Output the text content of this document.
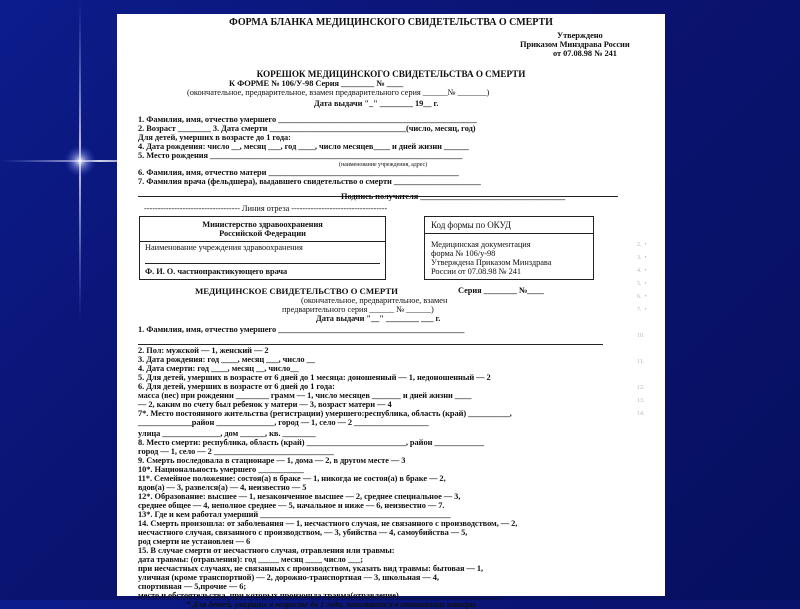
2.  •
3.  •
4.  •
5.  •
6.  •
7.  •

10.

11.

12.
13.
14.
ФОРМА БЛАНКА МЕДИЦИНСКОГО СВИДЕТЕЛЬСТВА О СМЕРТИ
Утверждено
Приказом Минздрава России
от 07.08.98 № 241
КОРЕШОК МЕДИЦИНСКОГО СВИДЕТЕЛЬСТВА О СМЕРТИ
К ФОРМЕ № 106/У-98 Серия ________ № ____
(окончательное, предварительное, взамен предварительного серия ______№ _______)
Дата выдачи "_" ________ 19__ г.
1. Фамилия, имя, отчество умершего ________________________________________________
2. Возраст ________ 3. Дата смерти _________________________________(число, месяц, год)
Для детей, умерших в возрасте до 1 года:
4. Дата рождения: число __, месяц ___, год ____, число месяцев____ и дней жизни ______
5. Место рождения _____________________________________________________________
(наименование учреждения, адрес)
6. Фамилия, имя, отчество матери ______________________________________________
7. Фамилия врача (фельдшера), выдавшего свидетельство о смерти _____________________
Подпись получателя ___________________________________
----------------------------------- Линия отреза -----------------------------------
Министерство здравоохранения
Российской Федерации
Наименование учреждения здравоохранения
Ф. И. О. частнопрактикующего врача
Код формы по ОКУД
Медицинская документация
форма № 106/у-98
Утверждена Приказом Минздрава
России от 07.08.98 № 241
МЕДИЦИНСКОЕ СВИДЕТЕЛЬСТВО О СМЕРТИ	Серия ________ №____
(окончательное, предварительное, взамен
предварительного серия ______ № ______)
Дата выдачи "__" ________ ___ г.
1. Фамилия, имя, отчество умершего _____________________________________________
2. Пол: мужской — 1, женский — 2
3. Дата рождения: год ____, месяц ___, число __
4. Дата смерти: год ____, месяц __, число__
5. Для детей, умерших в возрасте от 6 дней до 1 месяца: доношенный — 1, недоношенный — 2
6. Для детей, умерших в возрасте от 6 дней до 1 года:
масса (вес) при рождении ________ грамм — 1, число месяцев _______ и дней жизни ____
— 2, каким по счету был ребенок у матери — 3, возраст матери — 4
7*. Место постоянного жительства (регистрации) умершего:республика, область (край) __________,
_____________район ______________, город — 1, село — 2 __________________
улица ______________, дом ______, кв. ________
8. Место смерти: республика, область (край) ________________________, район ____________
город — 1, село — 2 _____________________________
9. Смерть последовала в стационаре — 1, дома — 2, в другом месте — 3
10*. Национальность умершего ___________
11*. Семейное положение: состоя(а) в браке — 1, никогда не состоя(а) в браке — 2,
вдов(а) — 3, развелся(а) — 4, неизвестно — 5
12*. Образование: высшее — 1, незаконченное высшее — 2, среднее специальное — 3,
среднее общее — 4, неполное среднее — 5, начальное и ниже — 6, неизвестно — 7.
13*. Где и кем работал умерший ______________________________________________
14. Смерть произошла: от заболевания — 1, несчастного случая, не связанного с производством, — 2,
несчастного случая, связанного с производством, — 3, убийства — 4, самоубийства — 5,
род смерти не установлен — 6
15. В случае смерти от несчастного случая, отравления или травмы:
дата травмы: (отравления): год _____ месяц ____ число ___;
при несчастных случаях, не связанных с производством, указать вид травмы: бытовая — 1,
уличная (кроме транспортной) — 2, дорожно-транспортная — 3, школьная — 4,
спортивная — 5,прочие — 6;
место и обстоятельства, при которых произошла травма(отравление) ________________________
* Для детей, умерших в возрасте до 1 года, заполняется в отношении матери.
